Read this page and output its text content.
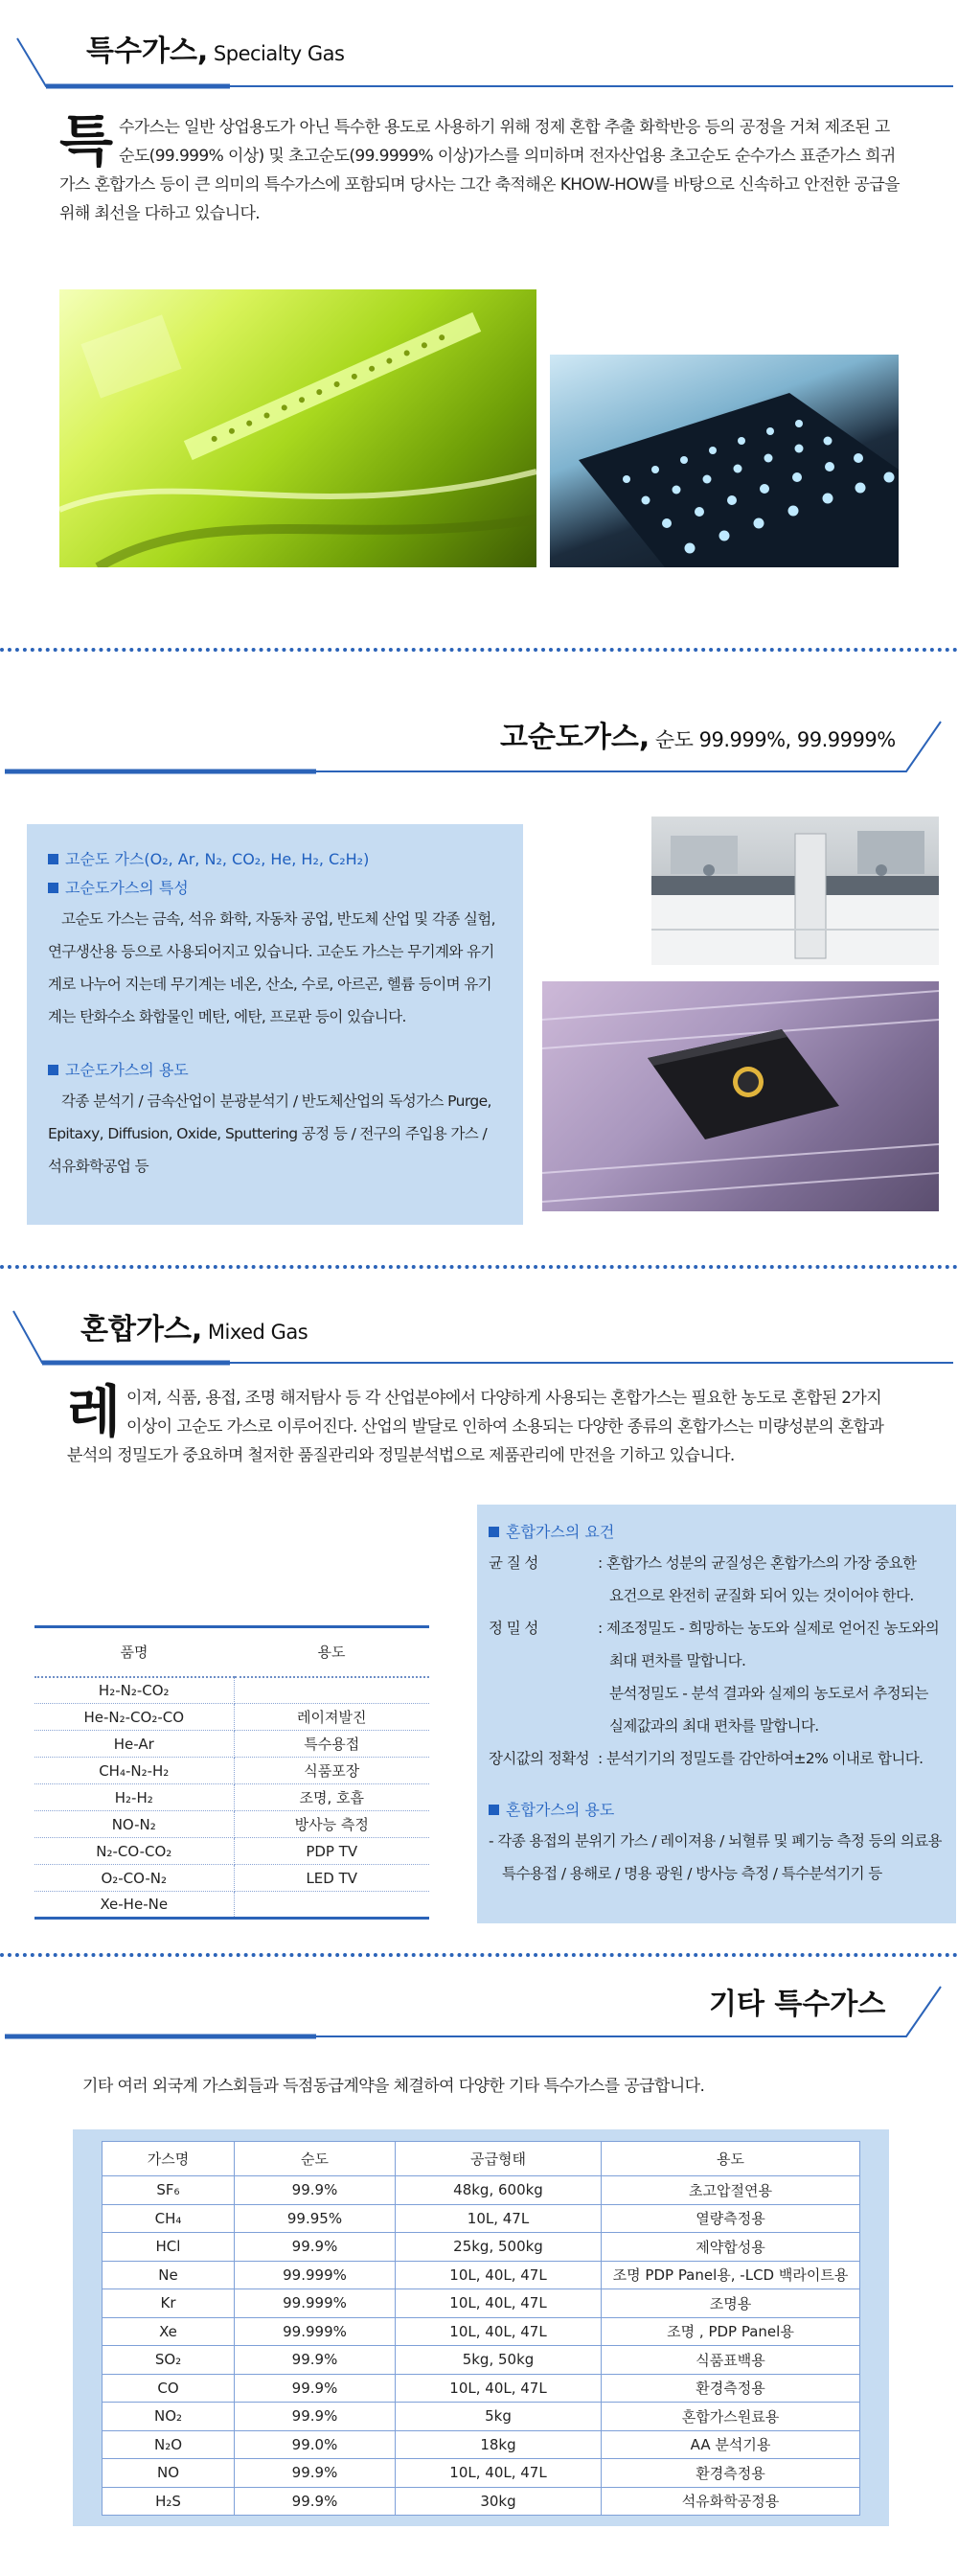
특수가스, Specialty Gas
특 수가스는 일반 상업용도가 아닌 특수한 용도로 사용하기 위해 정제 혼합 추출 화학반응 등의 공정을 거쳐 제조된 고순도(99.999% 이상) 및 초고순도(99.9999% 이상)가스를 의미하며 전자산업용 초고순도 순수가스 표준가스 희귀가스 혼합가스 등이 큰 의미의 특수가스에 포함되며 당사는 그간 축적해온 KHOW-HOW를 바탕으로 신속하고 안전한 공급을 위해 최선을 다하고 있습니다.
고순도가스, 순도 99.999%, 99.9999%
고순도 가스(O₂, Ar, N₂, CO₂, He, H₂, C₂H₂)
고순도가스의 특성
고순도 가스는 금속, 석유 화학, 자동차 공업, 반도체 산업 및 각종 실험, 연구생산용 등으로 사용되어지고 있습니다. 고순도 가스는 무기계와 유기계로 나누어 지는데 무기계는 네온, 산소, 수로, 아르곤, 헬륨 등이며 유기계는 탄화수소 화합물인 메탄, 에탄, 프로판 등이 있습니다.
고순도가스의 용도
각종 분석기 / 금속산업이 분광분석기 / 반도체산업의 독성가스 Purge, Epitaxy, Diffusion, Oxide, Sputtering 공정 등 / 전구의 주입용 가스 / 석유화학공업 등
혼합가스, Mixed Gas
레 이져, 식품, 용접, 조명 해저탐사 등 각 산업분야에서 다양하게 사용되는 혼합가스는 필요한 농도로 혼합된 2가지 이상이 고순도 가스로 이루어진다. 산업의 발달로 인하여 소용되는 다양한 종류의 혼합가스는 미량성분의 혼합과 분석의 정밀도가 중요하며 철저한 품질관리와 정밀분석법으로 제품관리에 만전을 기하고 있습니다.
품명	용도
H₂-N₂-CO₂	
He-N₂-CO₂-CO	레이져발진
He-Ar	특수용접
CH₄-N₂-H₂	식품포장
H₂-H₂	조명, 호흡
NO-N₂	방사능 측정
N₂-CO-CO₂	PDP TV
O₂-CO-N₂	LED TV
Xe-He-Ne	
혼합가스의 요건
균 질 성	: 혼합가스 성분의 균질성은 혼합가스의 가장 중요한
요건으로 완전히 균질화 되어 있는 것이어야 한다.
정 밀 성	: 제조정밀도 - 희망하는 농도와 실제로 얻어진 농도와의
최대 편차를 말합니다.
분석정밀도 - 분석 결과와 실제의 농도로서 추정되는
실제값과의 최대 편차를 말합니다.
장시값의 정확성 : 분석기기의 정밀도를 감안하여±2% 이내로 합니다.
혼합가스의 용도
- 각종 용접의 분위기 가스 / 레이져용 / 뇌혈류 및 폐기능 측정 등의 의료용
특수용접 / 용해로 / 명용 광원 / 방사능 측정 / 특수분석기기 등
기타 특수가스
기타 여러 외국계 가스회들과 득점동급계약을 체결하여 다양한 기타 특수가스를 공급합니다.
가스명	순도	공급형태	용도
SF₆	99.9%	48kg, 600kg	초고압절연용
CH₄	99.95%	10L, 47L	열량측정용
HCl	99.9%	25kg, 500kg	제약합성용
Ne	99.999%	10L, 40L, 47L	조명 PDP Panel용, -LCD 백라이트용
Kr	99.999%	10L, 40L, 47L	조명용
Xe	99.999%	10L, 40L, 47L	조명 , PDP Panel용
SO₂	99.9%	5kg, 50kg	식품표백용
CO	99.9%	10L, 40L, 47L	환경측정용
NO₂	99.9%	5kg	혼합가스원료용
N₂O	99.0%	18kg	AA 분석기용
NO	99.9%	10L, 40L, 47L	환경측정용
H₂S	99.9%	30kg	석유화학공정용
